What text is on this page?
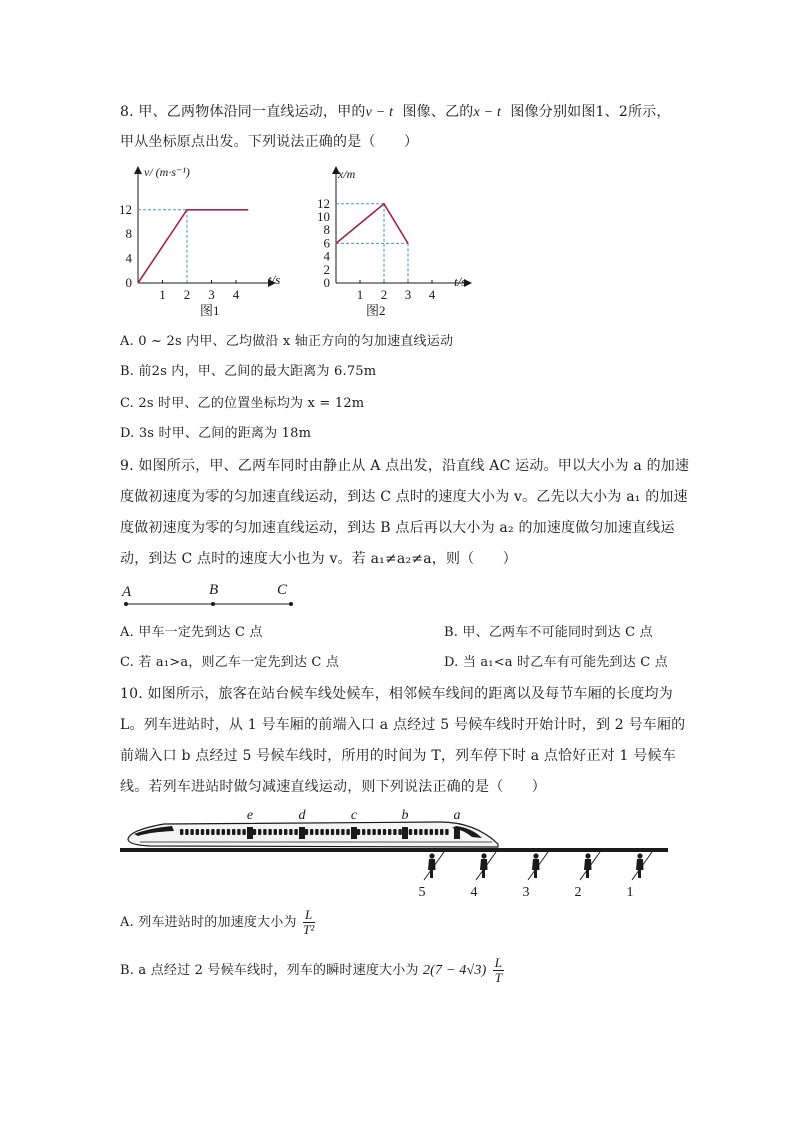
8. 甲、乙两物体沿同一直线运动，甲的v − t 图像、乙的x − t 图像分别如图1、2所示，
甲从坐标原点出发。下列说法正确的是（　　）
v/ (m·s⁻¹)
t/s
12
8
4
0
1 2 3 4
图1
x/m
t/s
12
10
8
6
4
2
0
1 2 3 4
图2
A. 0 ~ 2s 内甲、乙均做沿 x 轴正方向的匀加速直线运动
B. 前2s 内，甲、乙间的最大距离为 6.75m
C. 2s 时甲、乙的位置坐标均为 x = 12m
D. 3s 时甲、乙间的距离为 18m
9. 如图所示，甲、乙两车同时由静止从 A 点出发，沿直线 AC 运动。甲以大小为 a 的加速
度做初速度为零的匀加速直线运动，到达 C 点时的速度大小为 v。乙先以大小为 a₁ 的加速
度做初速度为零的匀加速直线运动，到达 B 点后再以大小为 a₂ 的加速度做匀加速直线运
动，到达 C 点时的速度大小也为 v。若 a₁≠a₂≠a，则（　　）
A	B	C
A. 甲车一定先到达 C 点	B. 甲、乙两车不可能同时到达 C 点
C. 若 a₁>a，则乙车一定先到达 C 点	D. 当 a₁<a 时乙车有可能先到达 C 点
10. 如图所示，旅客在站台候车线处候车，相邻候车线间的距离以及每节车厢的长度均为
L。列车进站时，从 1 号车厢的前端入口 a 点经过 5 号候车线时开始计时，到 2 号车厢的
前端入口 b 点经过 5 号候车线时，所用的时间为 T，列车停下时 a 点恰好正对 1 号候车
线。若列车进站时做匀减速直线运动，则下列说法正确的是（　　）
e	d	c	b	a
5	4	3	2	1
A. 列车进站时的加速度大小为 $\frac{L}{\text{T²}}$
B. a 点经过 2 号候车线时，列车的瞬时速度大小为 $2(7 - 4√3) \frac{L}{T}$
